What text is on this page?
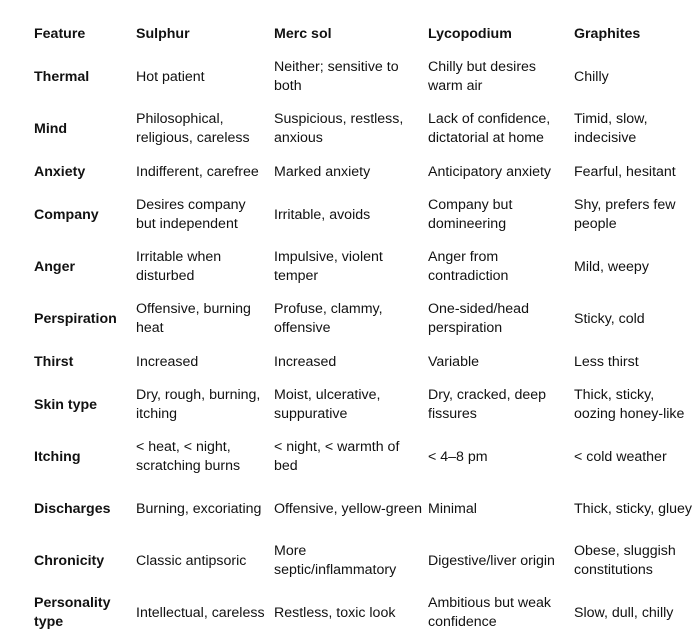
Feature	Sulphur	Merc sol	Lycopodium	Graphites
Thermal	Hot patient	Neither; sensitive to both	Chilly but desires warm air	Chilly
Mind	Philosophical, religious, careless	Suspicious, restless, anxious	Lack of confidence, dictatorial at home	Timid, slow, indecisive
Anxiety	Indifferent, carefree	Marked anxiety	Anticipatory anxiety	Fearful, hesitant
Company	Desires company but independent	Irritable, avoids	Company but domineering	Shy, prefers few people
Anger	Irritable when disturbed	Impulsive, violent temper	Anger from contradiction	Mild, weepy
Perspiration	Offensive, burning heat	Profuse, clammy, offensive	One-sided/head perspiration	Sticky, cold
Thirst	Increased	Increased	Variable	Less thirst
Skin type	Dry, rough, burning, itching	Moist, ulcerative, suppurative	Dry, cracked, deep fissures	Thick, sticky, oozing honey-like
Itching	< heat, < night, scratching burns	< night, < warmth of bed	< 4–8 pm	< cold weather
Discharges	Burning, excoriating	Offensive, yellow-green	Minimal	Thick, sticky, gluey
Chronicity	Classic antipsoric	More septic/inflammatory	Digestive/liver origin	Obese, sluggish constitutions
Personality type	Intellectual, careless	Restless, toxic look	Ambitious but weak confidence	Slow, dull, chilly
